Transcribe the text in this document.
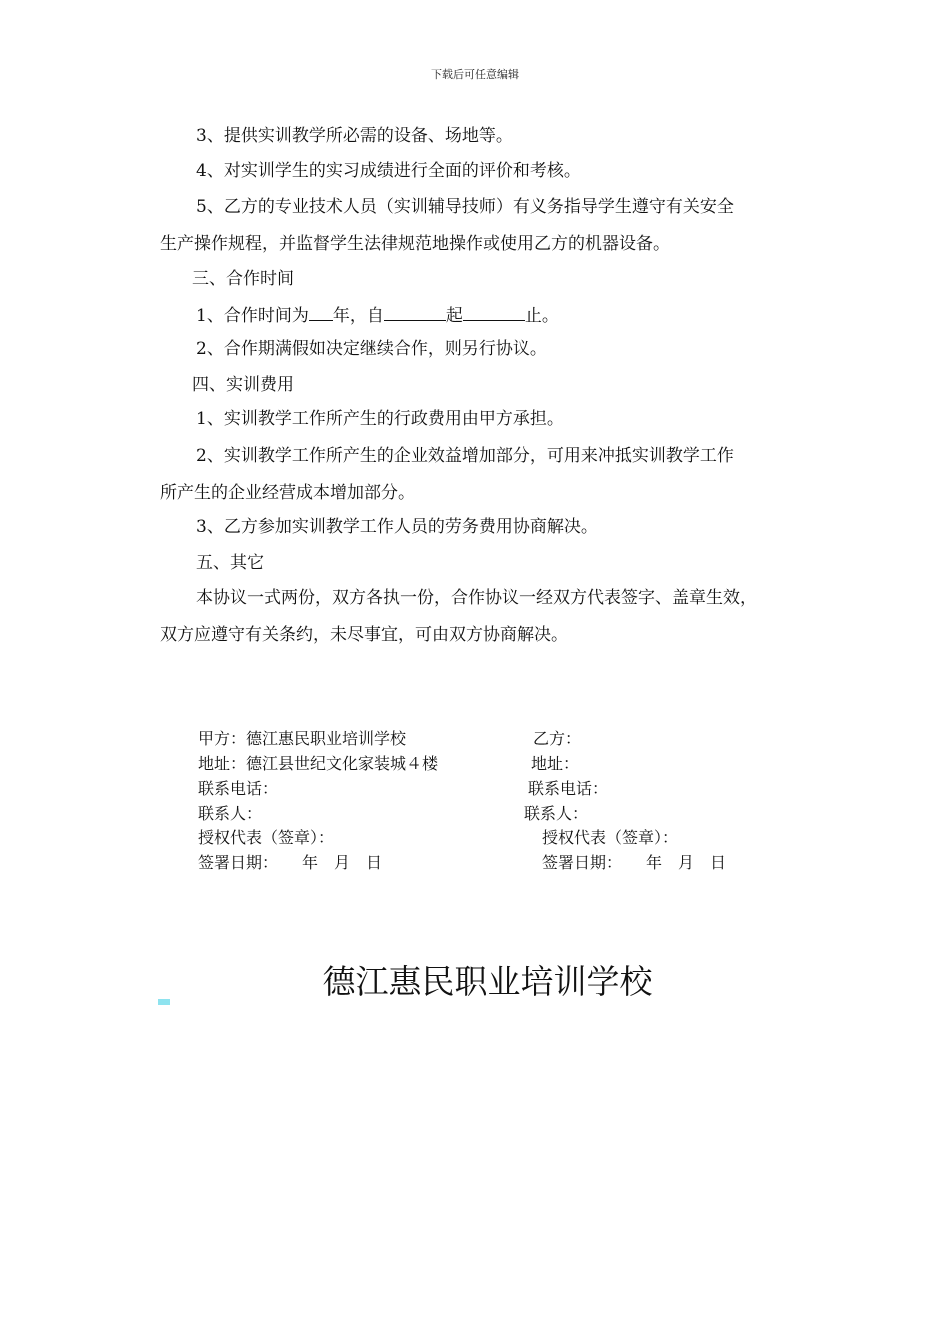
下载后可任意编辑
3、提供实训教学所必需的设备、场地等。
4、对实训学生的实习成绩进行全面的评价和考核。
5、乙方的专业技术人员（实训辅导技师）有义务指导学生遵守有关安全
生产操作规程，并监督学生法律规范地操作或使用乙方的机器设备。
三、合作时间
1、合作时间为 年，自	起	止。
2、合作期满假如决定继续合作，则另行协议。
四、实训费用
1、实训教学工作所产生的行政费用由甲方承担。
2、实训教学工作所产生的企业效益增加部分，可用来冲抵实训教学工作
所产生的企业经营成本增加部分。
3、乙方参加实训教学工作人员的劳务费用协商解决。
五、其它
本协议一式两份，双方各执一份，合作协议一经双方代表签字、盖章生效，
双方应遵守有关条约，未尽事宜，可由双方协商解决。
甲方：德江惠民职业培训学校	乙方：
地址：德江县世纪文化家装城４楼	地址：
联系电话：	联系电话：
联系人：	联系人：
授权代表（签章）：	授权代表（签章）：
签署日期：　　年　月　日	签署日期：　　年　月　日
德江惠民职业培训学校
